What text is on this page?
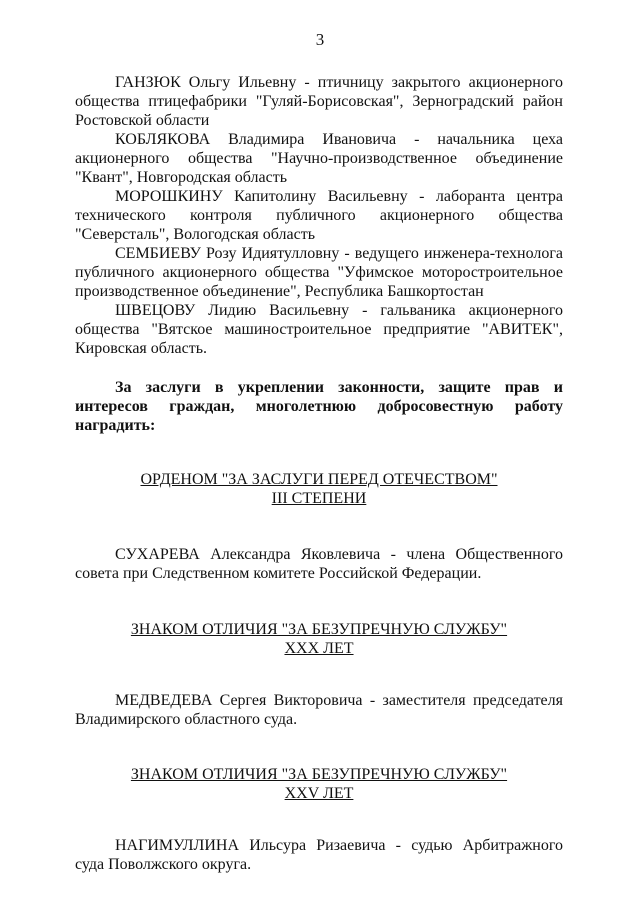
3

ГАНЗЮК Ольгу Ильевну - птичницу закрытого акционерного общества птицефабрики "Гуляй-Борисовская", Зерноградский район Ростовской области

КОБЛЯКОВА Владимира Ивановича - начальника цеха акционерного общества "Научно-производственное объединение "Квант", Новгородская область

МОРОШКИНУ Капитолину Васильевну - лаборанта центра технического контроля публичного акционерного общества "Северсталь", Вологодская область

СЕМБИЕВУ Розу Идиятулловну - ведущего инженера-технолога публичного акционерного общества "Уфимское моторостроительное производственное объединение", Республика Башкортостан

ШВЕЦОВУ Лидию Васильевну - гальваника акционерного общества "Вятское машиностроительное предприятие "АВИТЕК", Кировская область.

За заслуги в укреплении законности, защите прав и интересов граждан, многолетнюю добросовестную работу наградить:

ОРДЕНОМ "ЗА ЗАСЛУГИ ПЕРЕД ОТЕЧЕСТВОМ"

III СТЕПЕНИ

СУХАРЕВА Александра Яковлевича - члена Общественного совета при Следственном комитете Российской Федерации.

ЗНАКОМ ОТЛИЧИЯ "ЗА БЕЗУПРЕЧНУЮ СЛУЖБУ"

XXX ЛЕТ

МЕДВЕДЕВА Сергея Викторовича - заместителя председателя Владимирского областного суда.

ЗНАКОМ ОТЛИЧИЯ "ЗА БЕЗУПРЕЧНУЮ СЛУЖБУ"

XXV ЛЕТ

НАГИМУЛЛИНА Ильсура Ризаевича - судью Арбитражного суда Поволжского округа.
